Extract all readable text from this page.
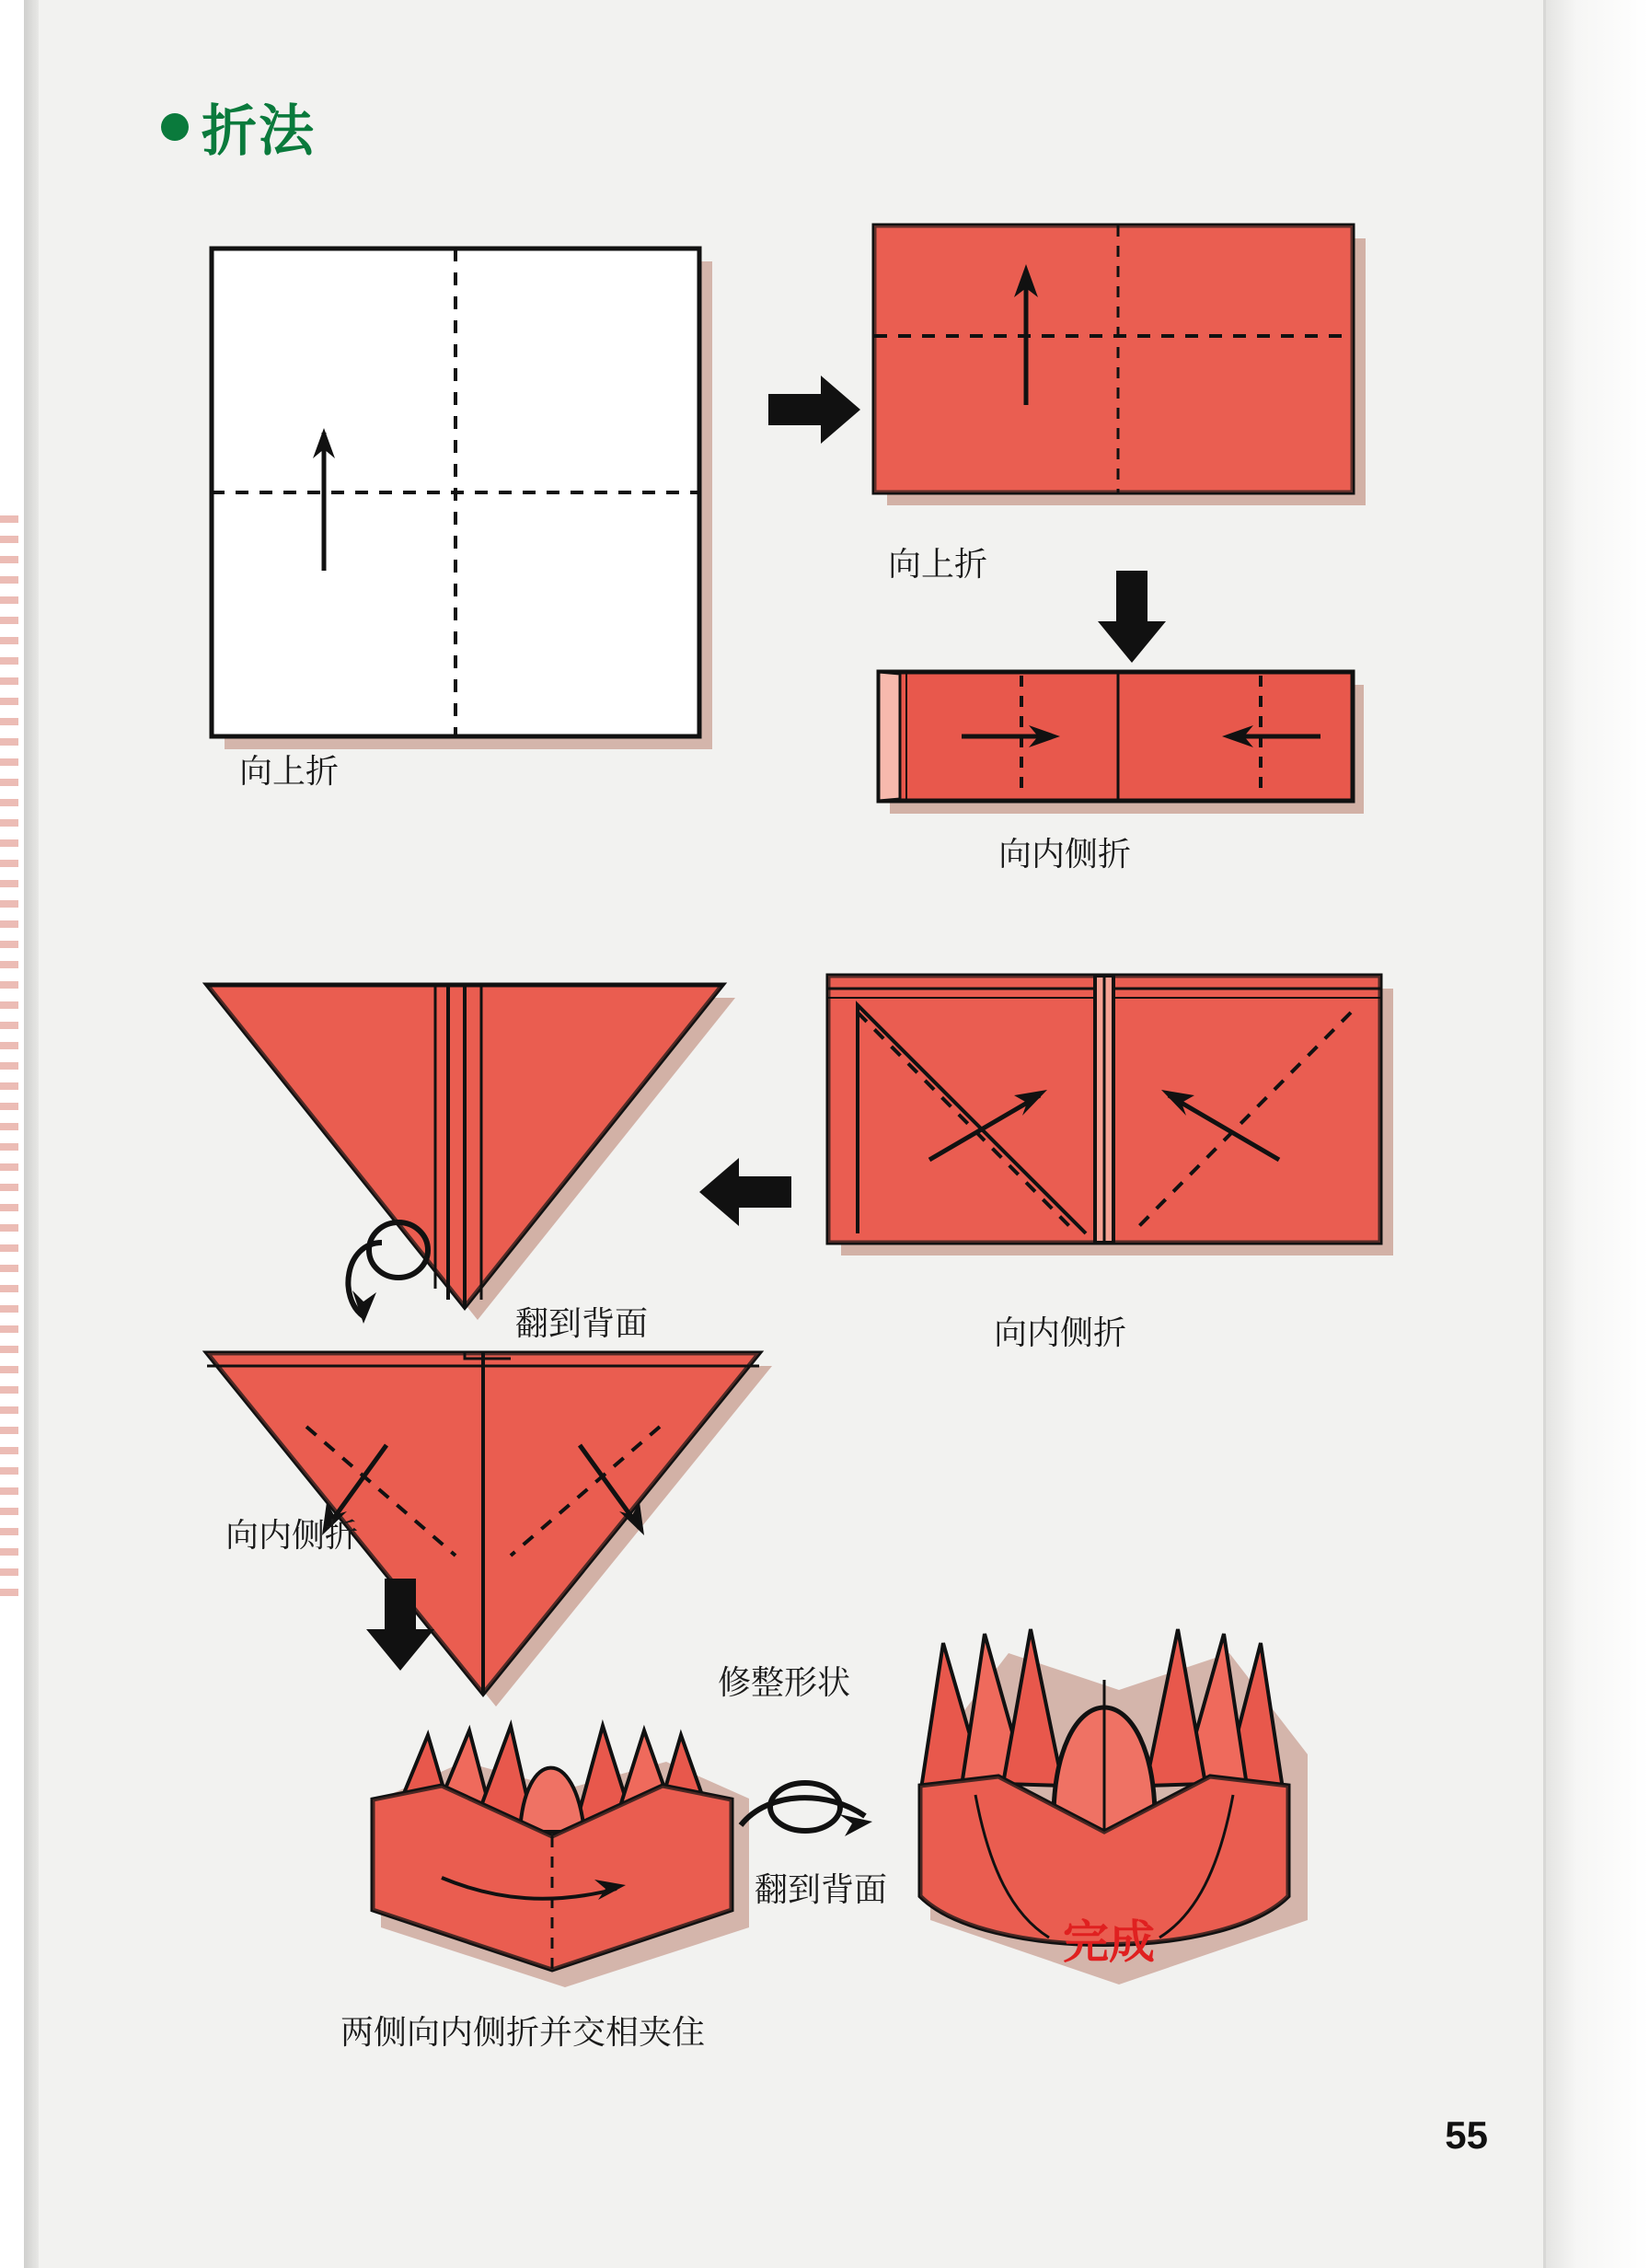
折法
向上折
向上折
向内侧折
向内侧折
翻到背面
向内侧折
两侧向内侧折并交相夹住
修整形状
翻到背面
完成
55
